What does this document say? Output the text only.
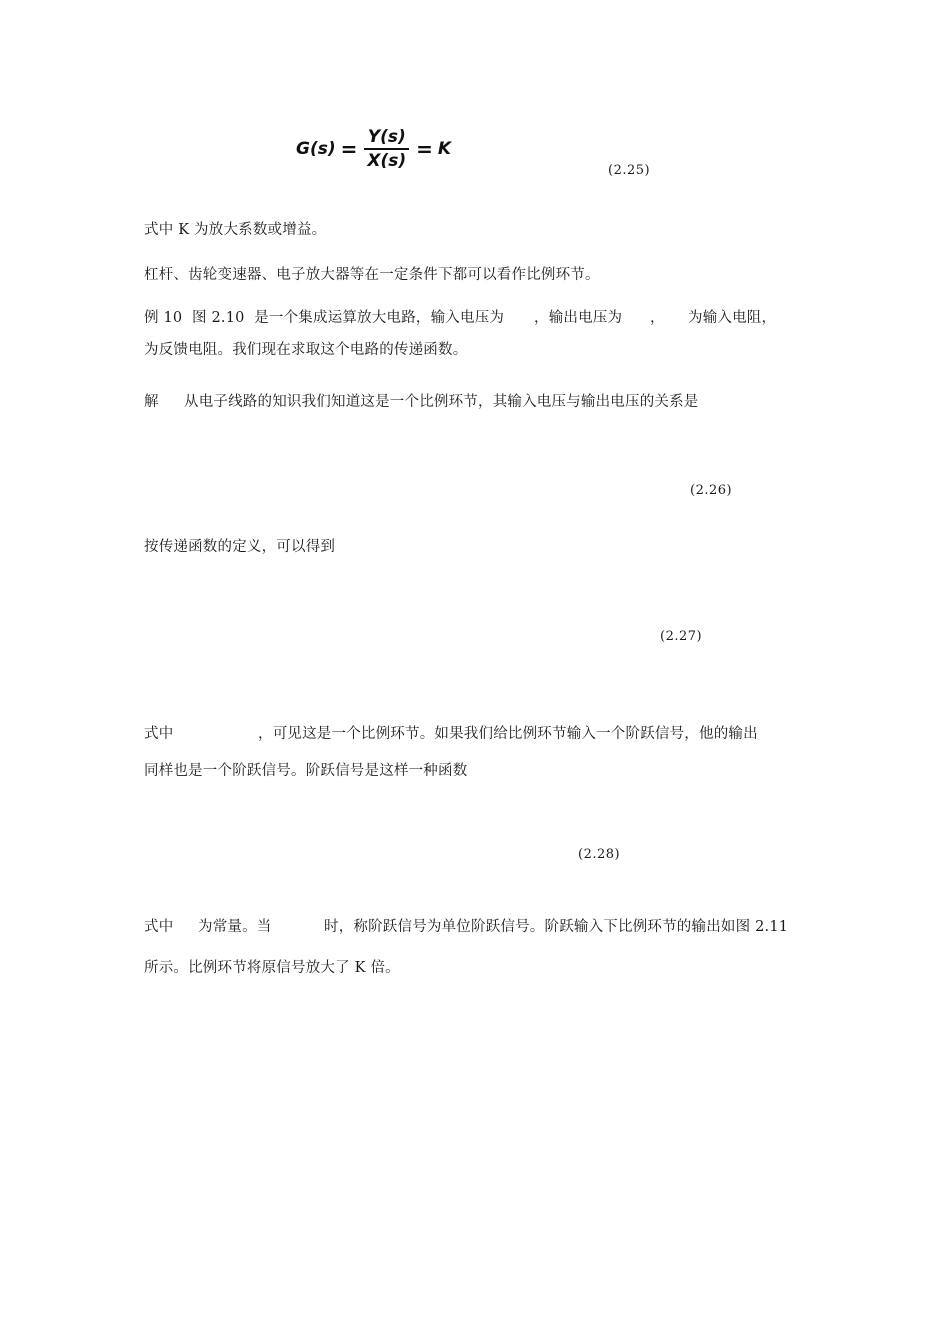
$G(s) = \frac{Y(s)}{X(s)} = K$
(2.25)
式中 K 为放大系数或增益。
杠杆、齿轮变速器、电子放大器等在一定条件下都可以看作比例环节。
例 10  图 2.10  是一个集成运算放大电路，输入电压为 ，输出电压为 ， 为输入电阻，
为反馈电阻。我们现在求取这个电路的传递函数。
解 从电子线路的知识我们知道这是一个比例环节，其输入电压与输出电压的关系是
(2.26)
按传递函数的定义，可以得到
(2.27)
式中	，可见这是一个比例环节。如果我们给比例环节输入一个阶跃信号，他的输出
同样也是一个阶跃信号。阶跃信号是这样一种函数
(2.28)
式中 为常量。当	时，称阶跃信号为单位阶跃信号。阶跃输入下比例环节的输出如图 2.11
所示。比例环节将原信号放大了 K 倍。
